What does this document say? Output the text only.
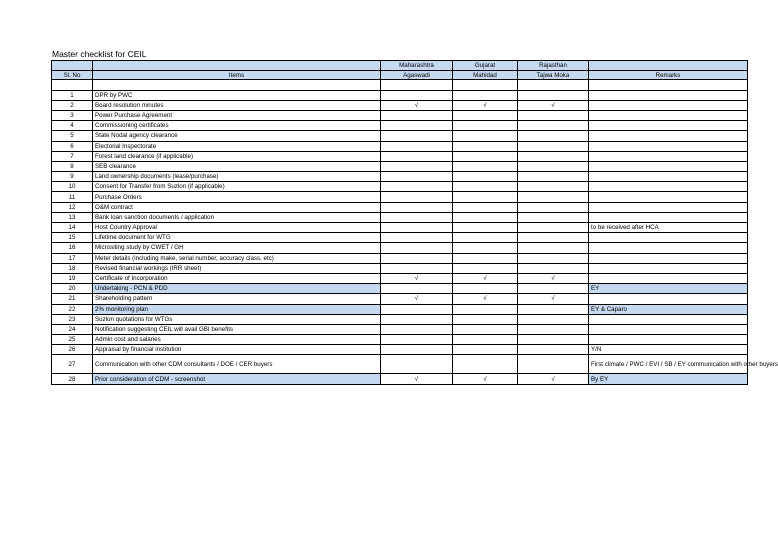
Master checklist for CEIL
		Maharashtra	Gujarat	Rajasthan	
Sl. No	Items	Agaswadi	Mahidad	Tajwa Moka	Remarks

1	DPR by PWC				
2	Board resolution minutes	√	√	√	
3	Power Purchase Agreement				
4	Commissioning certificates				
5	State Nodal agency clearance				
6	Electorial Inspectorate				
7	Forest land clearance (if applicable)				
8	SEB clearance				
9	Land ownership documents (lease/purchase)				
10	Consent for Transfer from Suzlon (if applicable)				
11	Purchase Orders				
12	O&M contract				
13	Bank loan sanction documents / application				
14	Host Country Approval				to be received after HCA
15	Lifetime document for WTG				
16	Micrositing study by CWET / GH				
17	Meter details (including make, serial number, accuracy class, etc)				
18	Revised financial workings (IRR sheet)				
19	Certificate of Incorporation	√	√	√	
20	Undertaking - PCN & PDD				EY
21	Shareholding pattern	√	√	√	
22	2% monitoring plan				EY & Caparo
23	Suzlon quotations for WTGs				
24	Notification suggesting CEIL will avail GBI benefits				
25	Admin cost and salaries				
26	Appraisal by financial institution				Y/N
27	Communication with other CDM consultants / DOE / CER buyers				First climate / PWC / EVI / SB / EY communication with other buyers
28	Prior consideration of CDM - screenshot	√	√	√	By EY
